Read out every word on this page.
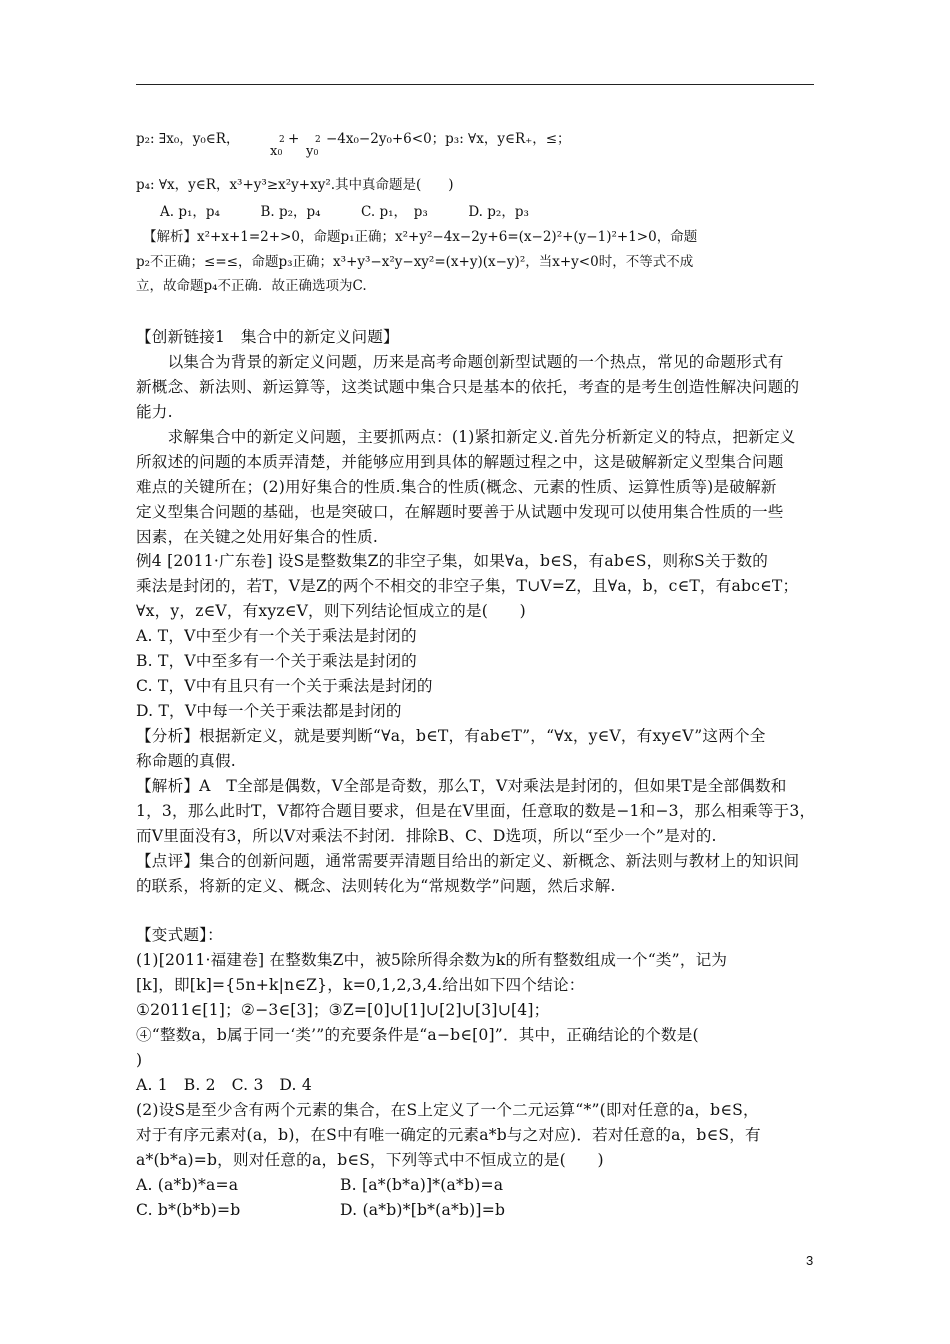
p₂: ∃x₀，y₀∈R，
x0
2 +
y0
2 −4x₀−2y₀+6<0；p₃: ∀x，y∈R₊，≤；
p₄: ∀x，y∈R，x³+y³≥x²y+xy².其中真命题是(　　)
A. p₁，p₄　　　B. p₂，p₄　　　C. p₁，　p₃　　　D. p₂，p₃
【解析】x²+x+1=2+>0，命题p₁正确；x²+y²−4x−2y+6=(x−2)²+(y−1)²+1>0，命题
p₂不正确；≤=≤，命题p₃正确；x³+y³−x²y−xy²=(x+y)(x−y)²，当x+y<0时，不等式不成
立，故命题p₄不正确．故正确选项为C.
【创新链接1　集合中的新定义问题】
　　以集合为背景的新定义问题，历来是高考命题创新型试题的一个热点，常见的命题形式有
新概念、新法则、新运算等，这类试题中集合只是基本的依托，考查的是考生创造性解决问题的
能力.
　　求解集合中的新定义问题，主要抓两点：(1)紧扣新定义.首先分析新定义的特点，把新定义
所叙述的问题的本质弄清楚，并能够应用到具体的解题过程之中，这是破解新定义型集合问题
难点的关键所在；(2)用好集合的性质.集合的性质(概念、元素的性质、运算性质等)是破解新
定义型集合问题的基础，也是突破口，在解题时要善于从试题中发现可以使用集合性质的一些
因素，在关键之处用好集合的性质.
例4 [2011·广东卷] 设S是整数集Z的非空子集，如果∀a，b∈S，有ab∈S，则称S关于数的
乘法是封闭的，若T，V是Z的两个不相交的非空子集，T∪V=Z，且∀a，b，c∈T，有abc∈T；
∀x，y，z∈V，有xyz∈V，则下列结论恒成立的是(　　)
A. T，V中至少有一个关于乘法是封闭的
B. T，V中至多有一个关于乘法是封闭的
C. T，V中有且只有一个关于乘法是封闭的
D. T，V中每一个关于乘法都是封闭的
【分析】根据新定义，就是要判断“∀a，b∈T，有ab∈T”，“∀x，y∈V，有xy∈V”这两个全
称命题的真假.
【解析】A　T全部是偶数，V全部是奇数，那么T，V对乘法是封闭的，但如果T是全部偶数和
1，3，那么此时T，V都符合题目要求，但是在V里面，任意取的数是−1和−3，那么相乘等于3，
而V里面没有3，所以V对乘法不封闭．排除B、C、D选项，所以“至少一个”是对的.
【点评】集合的创新问题，通常需要弄清题目给出的新定义、新概念、新法则与教材上的知识间
的联系，将新的定义、概念、法则转化为“常规数学”问题，然后求解.
【变式题】：
(1)[2011·福建卷] 在整数集Z中，被5除所得余数为k的所有整数组成一个“类”，记为
[k]，即[k]={5n+k|n∈Z}，k=0,1,2,3,4.给出如下四个结论：
①2011∈[1]；②−3∈[3]；③Z=[0]∪[1]∪[2]∪[3]∪[4]；
④“整数a，b属于同一‘类’”的充要条件是“a−b∈[0]”．其中，正确结论的个数是(
)
A. 1　B. 2　C. 3　D. 4
(2)设S是至少含有两个元素的集合，在S上定义了一个二元运算“*”(即对任意的a，b∈S，
对于有序元素对(a，b)，在S中有唯一确定的元素a*b与之对应)．若对任意的a，b∈S，有
a*(b*a)=b，则对任意的a，b∈S，下列等式中不恒成立的是(　　)
A. (a*b)*a=a	B. [a*(b*a)]*(a*b)=a
C. b*(b*b)=b	D. (a*b)*[b*(a*b)]=b
3
